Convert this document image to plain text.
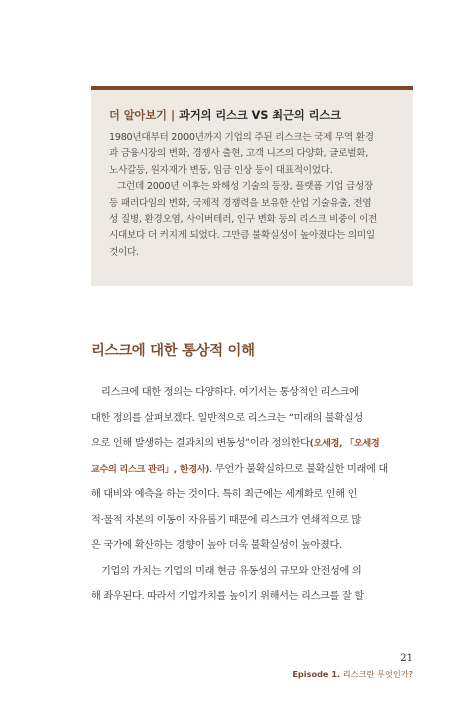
더 알아보기 | 과거의 리스크 VS 최근의 리스크
1980년대부터 2000년까지 기업의 주된 리스크는 국제 무역 환경
과 금융시장의 변화, 경쟁사 출현, 고객 니즈의 다양화, 글로벌화,
노사갈등, 원자재가 변동, 임금 인상 등이 대표적이었다.
그런데 2000년 이후는 와해성 기술의 등장, 플랫폼 기업 급성장
등 패러다임의 변화, 국제적 경쟁력을 보유한 산업 기술유출, 전염
성 질병, 환경오염, 사이버테러, 인구 변화 등의 리스크 비중이 이전
시대보다 더 커지게 되었다. 그만큼 불확실성이 높아졌다는 의미일
것이다.
리스크에 대한 통상적 이해
리스크에 대한 정의는 다양하다. 여기서는 통상적인 리스크에
대한 정의를 살펴보겠다. 일반적으로 리스크는 “미래의 불확실성
으로 인해 발생하는 결과치의 변동성”이라 정의한다(오세경, 「오세경
교수의 리스크 관리」, 한경사). 무언가 불확실하므로 불확실한 미래에 대
해 대비와 예측을 하는 것이다. 특히 최근에는 세계화로 인해 인
적·물적 자본의 이동이 자유롭기 때문에 리스크가 연쇄적으로 많
은 국가에 확산하는 경향이 높아 더욱 불확실성이 높아졌다.
기업의 가치는 기업의 미래 현금 유동성의 규모와 안전성에 의
해 좌우된다. 따라서 기업가치를 높이기 위해서는 리스크를 잘 할
21
Episode 1. 리스크란 무엇인가?
